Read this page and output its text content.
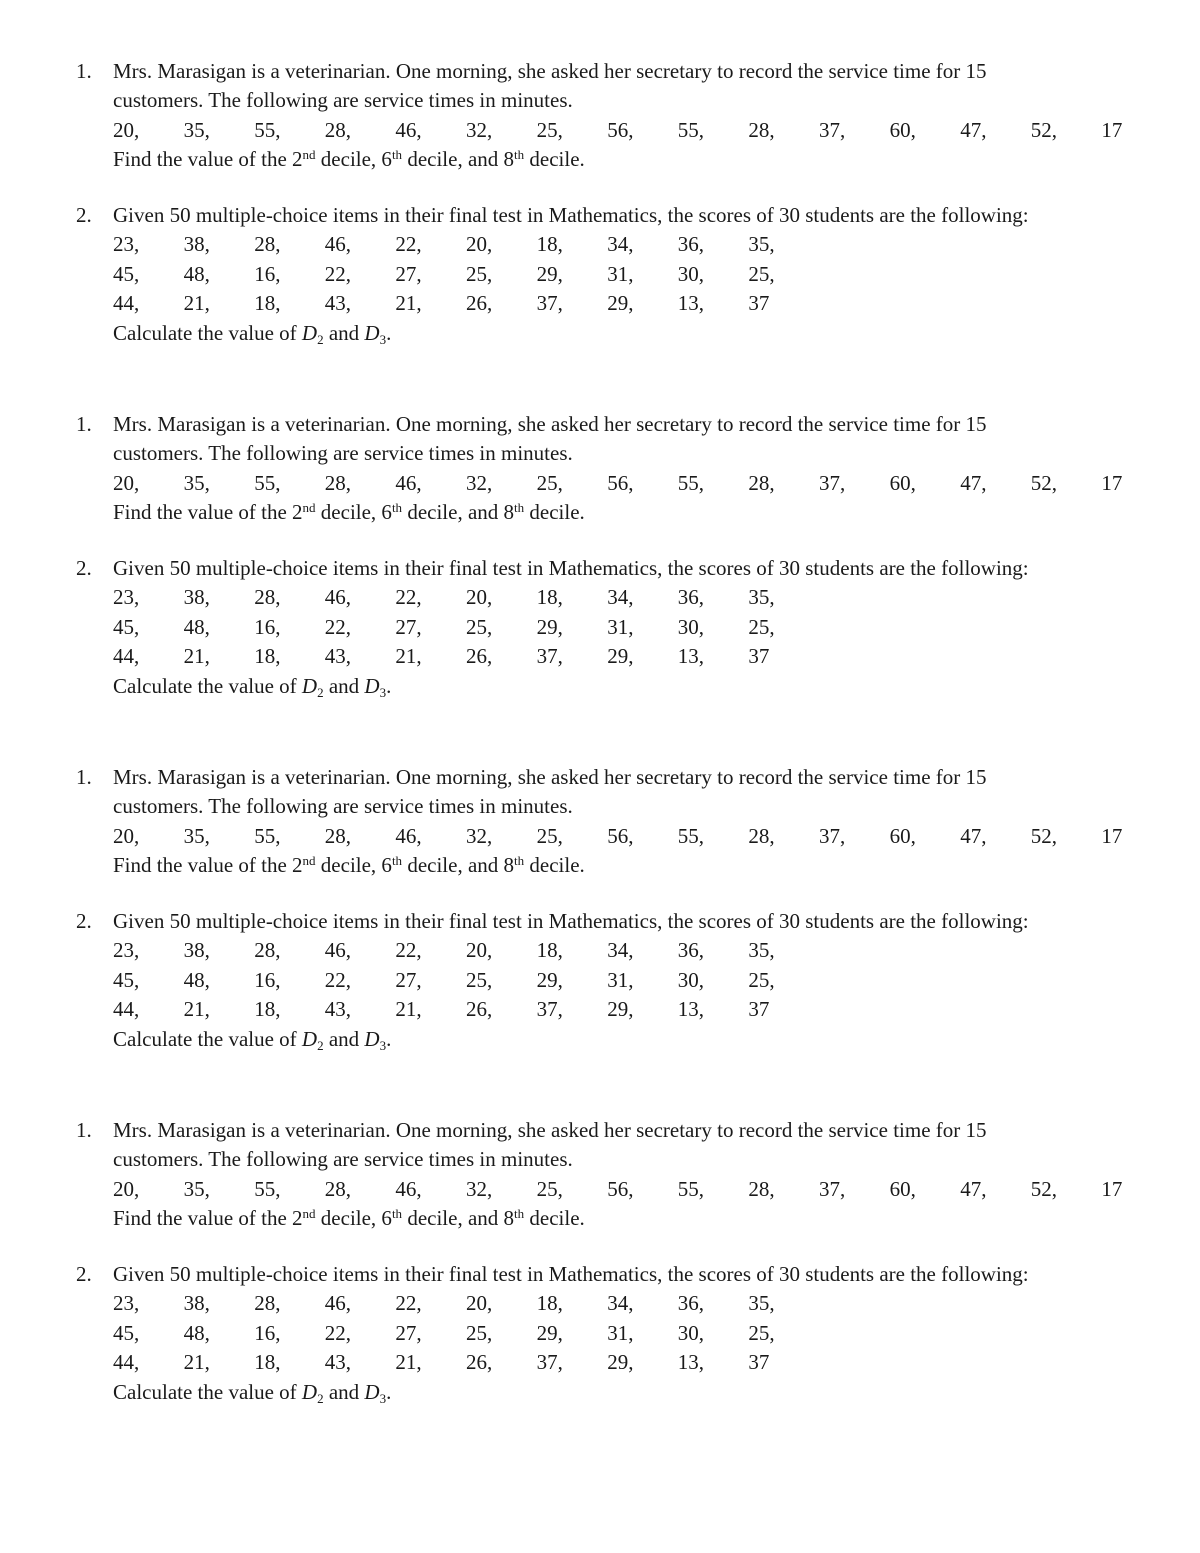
1. Mrs. Marasigan is a veterinarian. One morning, she asked her secretary to record the service time for 15
customers. The following are service times in minutes.
20, 35, 55, 28, 46, 32, 25, 56, 55, 28, 37, 60, 47, 52, 17
Find the value of the 2nd decile, 6th decile, and 8th decile.
2. Given 50 multiple-choice items in their final test in Mathematics, the scores of 30 students are the following:
23, 38, 28, 46, 22, 20, 18, 34, 36, 35,
45, 48, 16, 22, 27, 25, 29, 31, 30, 25,
44, 21, 18, 43, 21, 26, 37, 29, 13, 37
Calculate the value of $D_2$ and $D_3$.
1. Mrs. Marasigan is a veterinarian. One morning, she asked her secretary to record the service time for 15
customers. The following are service times in minutes.
20, 35, 55, 28, 46, 32, 25, 56, 55, 28, 37, 60, 47, 52, 17
Find the value of the 2nd decile, 6th decile, and 8th decile.
2. Given 50 multiple-choice items in their final test in Mathematics, the scores of 30 students are the following:
23, 38, 28, 46, 22, 20, 18, 34, 36, 35,
45, 48, 16, 22, 27, 25, 29, 31, 30, 25,
44, 21, 18, 43, 21, 26, 37, 29, 13, 37
Calculate the value of $D_2$ and $D_3$.
1. Mrs. Marasigan is a veterinarian. One morning, she asked her secretary to record the service time for 15
customers. The following are service times in minutes.
20, 35, 55, 28, 46, 32, 25, 56, 55, 28, 37, 60, 47, 52, 17
Find the value of the 2nd decile, 6th decile, and 8th decile.
2. Given 50 multiple-choice items in their final test in Mathematics, the scores of 30 students are the following:
23, 38, 28, 46, 22, 20, 18, 34, 36, 35,
45, 48, 16, 22, 27, 25, 29, 31, 30, 25,
44, 21, 18, 43, 21, 26, 37, 29, 13, 37
Calculate the value of $D_2$ and $D_3$.
1. Mrs. Marasigan is a veterinarian. One morning, she asked her secretary to record the service time for 15
customers. The following are service times in minutes.
20, 35, 55, 28, 46, 32, 25, 56, 55, 28, 37, 60, 47, 52, 17
Find the value of the 2nd decile, 6th decile, and 8th decile.
2. Given 50 multiple-choice items in their final test in Mathematics, the scores of 30 students are the following:
23, 38, 28, 46, 22, 20, 18, 34, 36, 35,
45, 48, 16, 22, 27, 25, 29, 31, 30, 25,
44, 21, 18, 43, 21, 26, 37, 29, 13, 37
Calculate the value of $D_2$ and $D_3$.
